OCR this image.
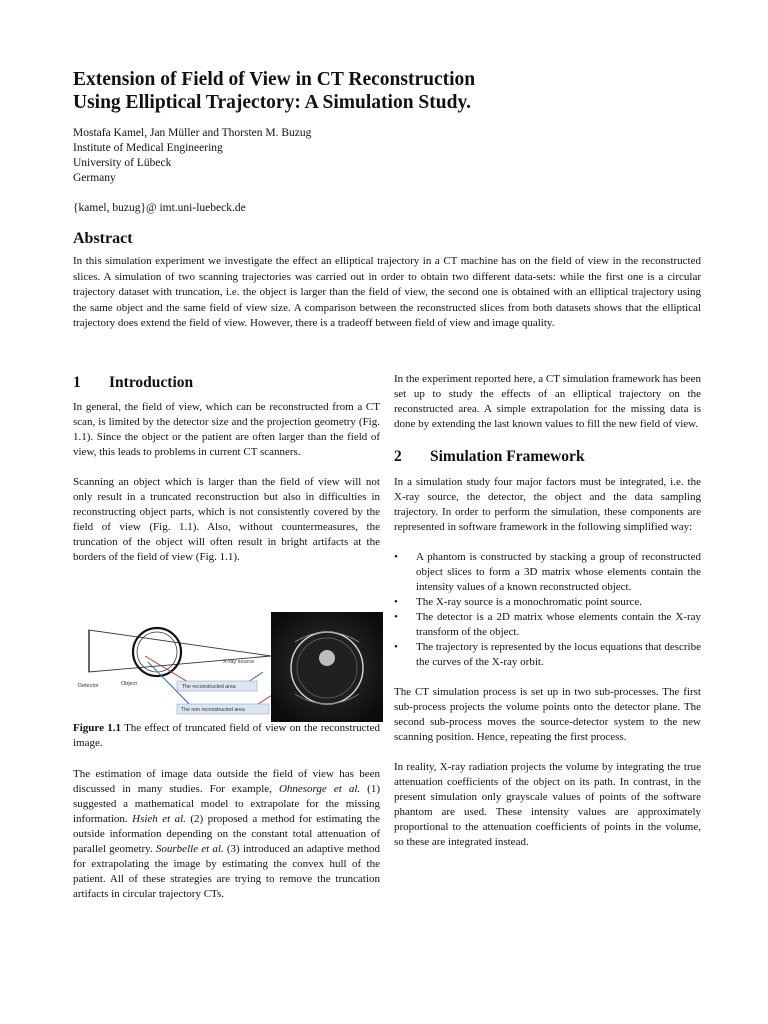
Extension of Field of View in CT Reconstruction
Using Elliptical Trajectory: A Simulation Study.
Mostafa Kamel, Jan Müller and Thorsten M. Buzug
Institute of Medical Engineering
University of Lübeck
Germany
{kamel, buzug}@ imt.uni-luebeck.de
Abstract

In this simulation experiment we investigate the effect an elliptical trajectory in a CT machine has on the field of view in the reconstructed slices. A simulation of two scanning trajectories was carried out in order to obtain two different data-sets: while the first one is a circular trajectory dataset with truncation, i.e. the object is larger than the field of view, the second one is obtained with an elliptical trajectory using the same object and the same field of view size. A comparison between the reconstructed slices from both datasets shows that the elliptical trajectory does extend the field of view. However, there is a tradeoff between field of view and image quality.

1	Introduction

In general, the field of view, which can be reconstructed from a CT scan, is limited by the detector size and the projection geometry (Fig. 1.1). Since the object or the patient are often larger than the field of view, this leads to problems in current CT scanners.

Scanning an object which is larger than the field of view will not only result in a truncated reconstruction but also in difficulties in reconstructing object parts, which is not consistently covered by the field of view (Fig. 1.1). Also, without countermeasures, the truncation of the object will often result in bright artifacts at the borders of the field of view (Fig. 1.1).

X-ray source
Detector	Object	The reconstructed area
The non reconstructed area
Figure 1.1 The effect of truncated field of view on the reconstructed image.

The estimation of image data outside the field of view has been discussed in many studies. For example, Ohnesorge et al. (1) suggested a mathematical model to extrapolate for the missing information. Hsieh et al. (2) proposed a method for estimating the outside information depending on the constant total attenuation of parallel geometry. Sourbelle et al. (3) introduced an adaptive method for extrapolating the image by estimating the convex hull of the patient. All of these strategies are trying to remove the truncation artifacts in circular trajectory CTs.

In the experiment reported here, a CT simulation framework has been set up to study the effects of an elliptical trajectory on the reconstructed area. A simple extrapolation for the missing data is done by extending the last known values to fill the new field of view.

2	Simulation Framework

In a simulation study four major factors must be integrated, i.e. the X-ray source, the detector, the object and the data sampling trajectory. In order to perform the simulation, these components are represented in software framework in the following simplified way:

• A phantom is constructed by stacking a group of reconstructed object slices to form a 3D matrix whose elements contain the intensity values of a known reconstructed object.
• The X-ray source is a monochromatic point source.
• The detector is a 2D matrix whose elements contain the X-ray transform of the object.
• The trajectory is represented by the locus equations that describe the curves of the X-ray orbit.

The CT simulation process is set up in two sub-processes. The first sub-process projects the volume points onto the detector plane. The second sub-process moves the source-detector system to the new scanning position. Hence, repeating the first process.

In reality, X-ray radiation projects the volume by integrating the true attenuation coefficients of the object on its path. In contrast, in the present simulation only grayscale values of points of the software phantom are used. These intensity values are approximately proportional to the attenuation coefficients of points in the volume, so these are integrated instead.
